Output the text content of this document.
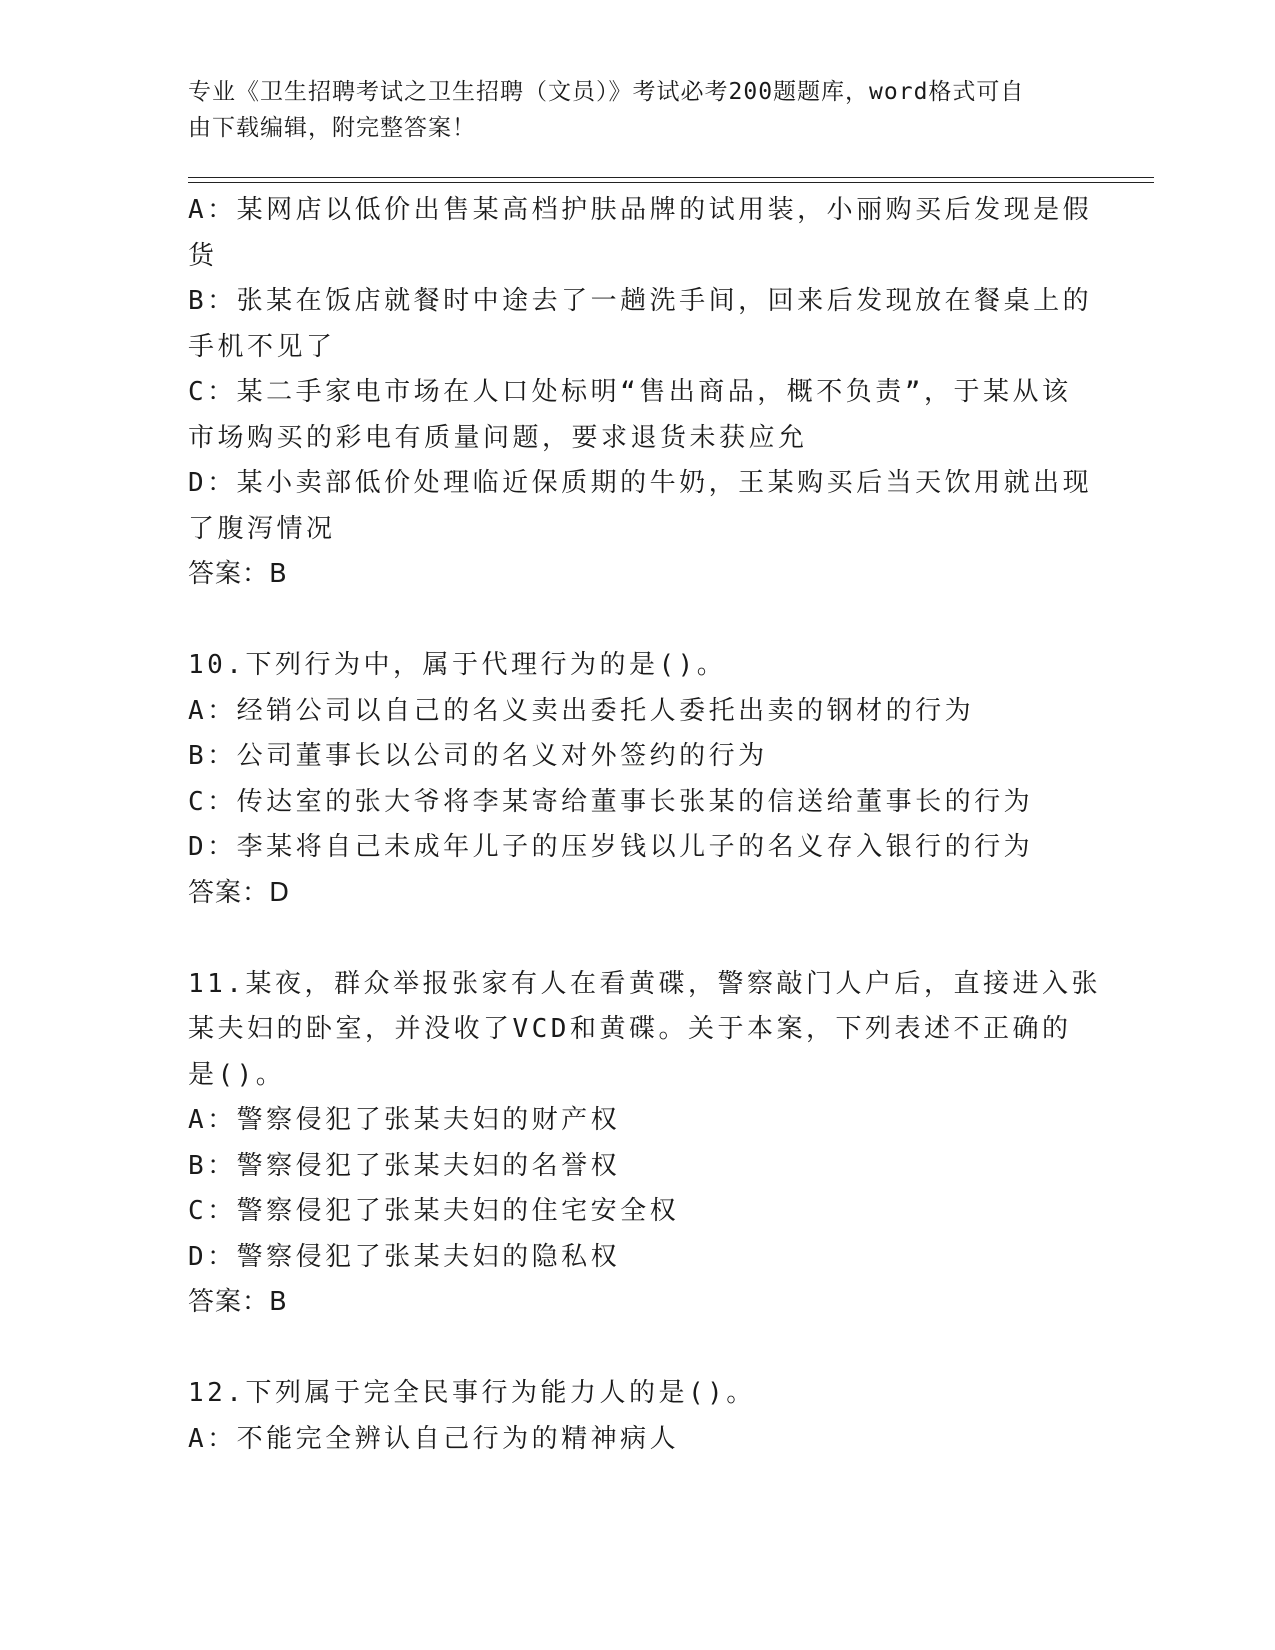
专业《卫生招聘考试之卫生招聘（文员）》考试必考200题题库，word格式可自
由下载编辑，附完整答案！

A：某网店以低价出售某高档护肤品牌的试用装，小丽购买后发现是假

货

B：张某在饭店就餐时中途去了一趟洗手间，回来后发现放在餐桌上的

手机不见了

C：某二手家电市场在人口处标明“售出商品，概不负责”，于某从该

市场购买的彩电有质量问题，要求退货未获应允

D：某小卖部低价处理临近保质期的牛奶，王某购买后当天饮用就出现

了腹泻情况

答案：B

10.下列行为中，属于代理行为的是()。

A：经销公司以自己的名义卖出委托人委托出卖的钢材的行为

B：公司董事长以公司的名义对外签约的行为

C：传达室的张大爷将李某寄给董事长张某的信送给董事长的行为

D：李某将自己未成年儿子的压岁钱以儿子的名义存入银行的行为

答案：D

11.某夜，群众举报张家有人在看黄碟，警察敲门人户后，直接进入张

某夫妇的卧室，并没收了VCD和黄碟。关于本案，下列表述不正确的

是()。

A：警察侵犯了张某夫妇的财产权

B：警察侵犯了张某夫妇的名誉权

C：警察侵犯了张某夫妇的住宅安全权

D：警察侵犯了张某夫妇的隐私权

答案：B

12.下列属于完全民事行为能力人的是()。

A：不能完全辨认自己行为的精神病人
